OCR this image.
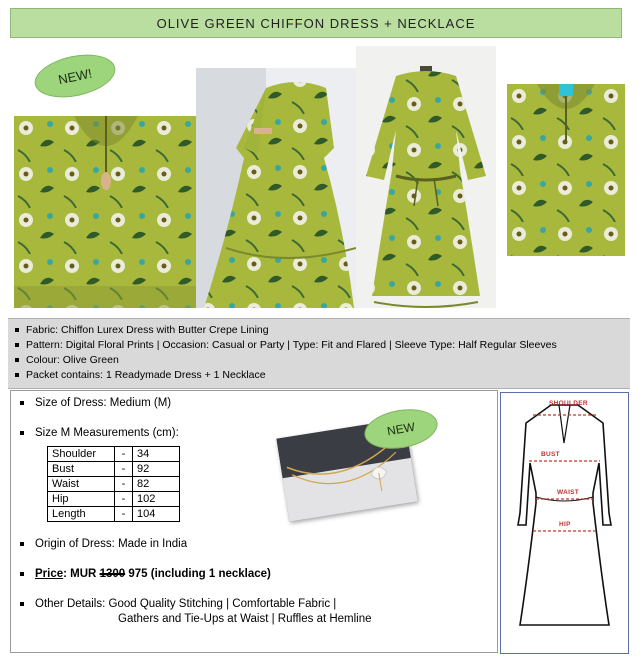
OLIVE GREEN CHIFFON DRESS + NECKLACE
NEW!
Fabric: Chiffon Lurex Dress with Butter Crepe Lining
Pattern: Digital Floral Prints | Occasion: Casual or Party | Type: Fit and Flared | Sleeve Type: Half Regular Sleeves
Colour: Olive Green
Packet contains: 1 Readymade Dress + 1 Necklace
Size of Dress: Medium (M)
Size M Measurements (cm):
Shoulder	-	34
Bust	-	92
Waist	-	82
Hip	-	102
Length	-	104
NEW
Origin of Dress: Made in India
Price: MUR 1300 975 (including 1 necklace)
Other Details: Good Quality Stitching | Comfortable Fabric |
Gathers and Tie-Ups at Waist | Ruffles at Hemline
SHOULDER
BUST
WAIST
HIP
